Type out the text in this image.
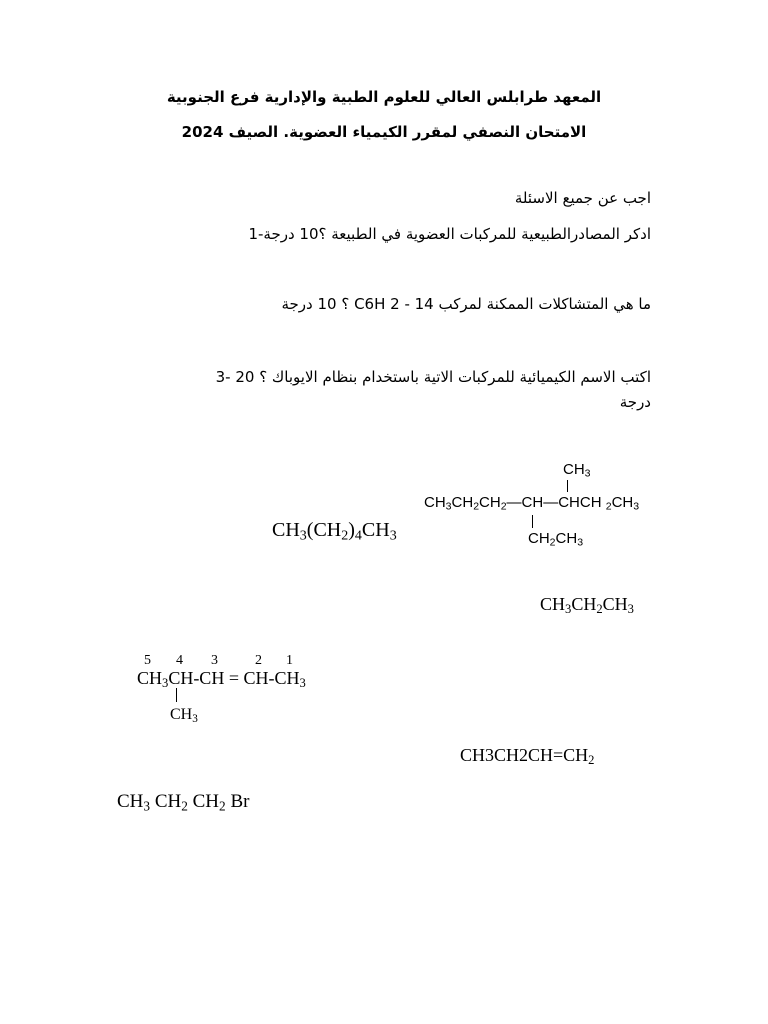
المعهد طرابلس العالي للعلوم الطبية والإدارية فرع الجنوبية
الامتحان النصفي لمقرر الكيمياء العضوية. الصيف 2024
اجب عن جميع الاسئلة
ادكر المصادرالطبيعية للمركبات العضوية في الطبيعة ؟10 درجة-1
ما هي المتشاكلات الممكنة لمركب 14 - C6H 2 ؟ 10 درجة
اكتب الاسم الكيميائية للمركبات الاتية باستخدام بنظام الايوباك ؟ 20 -3
درجة
$CH_3$
$CH_3CH_2CH_2—CH—CHCH$ $_2CH_3$
$CH_2CH_3$
$CH_3(CH_2)_4CH_3$
$CH_3CH_2CH_3$
5 4 3	2 1
$CH_3CH-CH = CH-CH_3$
$CH_3$
$CH3CH2CH=CH_2$
$CH_3$ $CH_2$ $CH_2$ Br
